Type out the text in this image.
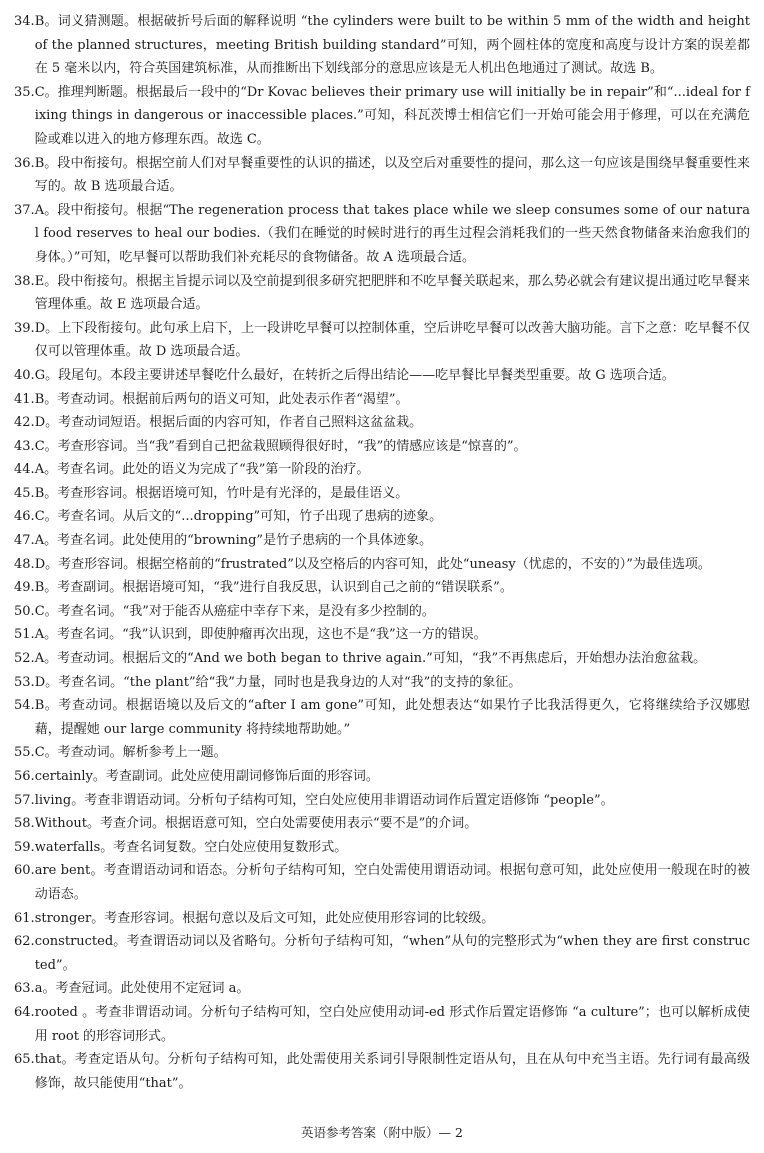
34. B。词义猜测题。根据破折号后面的解释说明 “the cylinders were built to be within 5 mm of the width and height of the planned structures，meeting British building standard”可知，两个圆柱体的宽度和高度与设计方案的误差都在 5 毫米以内，符合英国建筑标准，从而推断出下划线部分的意思应该是无人机出色地通过了测试。故选 B。
35. C。推理判断题。根据最后一段中的“Dr Kovac believes their primary use will initially be in repair”和“...ideal for fixing things in dangerous or inaccessible places.”可知，科瓦茨博士相信它们一开始可能会用于修理，可以在充满危险或难以进入的地方修理东西。故选 C。
36. B。段中衔接句。根据空前人们对早餐重要性的认识的描述，以及空后对重要性的提问，那么这一句应该是围绕早餐重要性来写的。故 B 选项最合适。
37. A。段中衔接句。根据“The regeneration process that takes place while we sleep consumes some of our natural food reserves to heal our bodies.（我们在睡觉的时候时进行的再生过程会消耗我们的一些天然食物储备来治愈我们的身体。）”可知，吃早餐可以帮助我们补充耗尽的食物储备。故 A 选项最合适。
38. E。段中衔接句。根据主旨提示词以及空前提到很多研究把肥胖和不吃早餐关联起来，那么势必就会有建议提出通过吃早餐来管理体重。故 E 选项最合适。
39. D。上下段衔接句。此句承上启下，上一段讲吃早餐可以控制体重，空后讲吃早餐可以改善大脑功能。言下之意：吃早餐不仅仅可以管理体重。故 D 选项最合适。
40. G。段尾句。本段主要讲述早餐吃什么最好，在转折之后得出结论——吃早餐比早餐类型重要。故 G 选项合适。
41. B。考查动词。根据前后两句的语义可知，此处表示作者“渴望”。
42. D。考查动词短语。根据后面的内容可知，作者自己照料这盆盆栽。
43. C。考查形容词。当“我”看到自己把盆栽照顾得很好时，“我”的情感应该是“惊喜的”。
44. A。考查名词。此处的语义为完成了“我”第一阶段的治疗。
45. B。考查形容词。根据语境可知，竹叶是有光泽的，是最佳语义。
46. C。考查名词。从后文的“...dropping”可知，竹子出现了患病的迹象。
47. A。考查名词。此处使用的“browning”是竹子患病的一个具体迹象。
48. D。考查形容词。根据空格前的“frustrated”以及空格后的内容可知，此处“uneasy（忧虑的，不安的）”为最佳选项。
49. B。考查副词。根据语境可知，“我”进行自我反思，认识到自己之前的“错误联系”。
50. C。考查名词。“我”对于能否从癌症中幸存下来，是没有多少控制的。
51. A。考查名词。“我”认识到，即使肿瘤再次出现，这也不是“我”这一方的错误。
52. A。考查动词。根据后文的“And we both began to thrive again.”可知，“我”不再焦虑后，开始想办法治愈盆栽。
53. D。考查名词。“the plant”给“我”力量，同时也是我身边的人对“我”的支持的象征。
54. B。考查动词。根据语境以及后文的“after I am gone”可知，此处想表达“如果竹子比我活得更久，它将继续给予汉娜慰藉，提醒她 our large community 将持续地帮助她。”
55. C。考查动词。解析参考上一题。
56. certainly。考查副词。此处应使用副词修饰后面的形容词。
57. living。考查非谓语动词。分析句子结构可知，空白处应使用非谓语动词作后置定语修饰 “people”。
58. Without。考查介词。根据语意可知，空白处需要使用表示“要不是”的介词。
59. waterfalls。考查名词复数。空白处应使用复数形式。
60. are bent。考查谓语动词和语态。分析句子结构可知，空白处需使用谓语动词。根据句意可知，此处应使用一般现在时的被动语态。
61. stronger。考查形容词。根据句意以及后文可知，此处应使用形容词的比较级。
62. constructed。考查谓语动词以及省略句。分析句子结构可知，“when”从句的完整形式为“when they are first constructed”。
63. a。考查冠词。此处使用不定冠词 a。
64. rooted 。考查非谓语动词。分析句子结构可知，空白处应使用动词-ed 形式作后置定语修饰 “a culture”；也可以解析成使用 root 的形容词形式。
65. that。考查定语从句。分析句子结构可知，此处需使用关系词引导限制性定语从句，且在从句中充当主语。先行词有最高级修饰，故只能使用“that”。
英语参考答案（附中版）— 2
